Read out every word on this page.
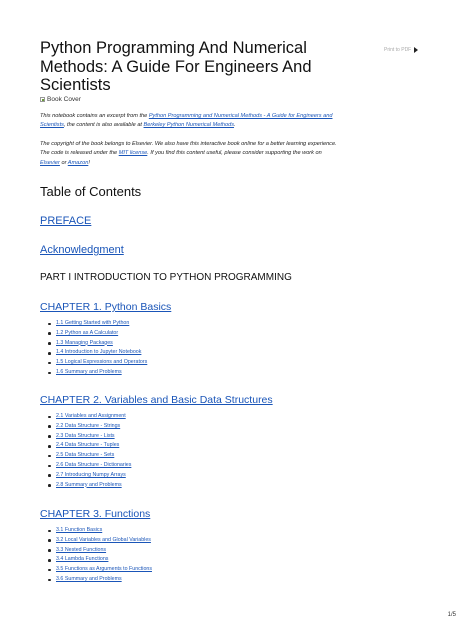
Print to PDF
Python Programming And Numerical Methods: A Guide For Engineers And Scientists
Book Cover

This notebook contains an excerpt from the Python Programming and Numerical Methods - A Guide for Engineers and Scientists, the content is also available at Berkeley Python Numerical Methods.

The copyright of the book belongs to Elsevier. We also have this interactive book online for a better learning experience. The code is released under the MIT license. If you find this content useful, please consider supporting the work on Elsevier or Amazon!

Table of Contents
PREFACE
Acknowledgment
PART I INTRODUCTION TO PYTHON PROGRAMMING
CHAPTER 1. Python Basics
1.1 Getting Started with Python
1.2 Python as A Calculator
1.3 Managing Packages
1.4 Introduction to Jupyter Notebook
1.5 Logical Expressions and Operators
1.6 Summary and Problems
CHAPTER 2. Variables and Basic Data Structures
2.1 Variables and Assignment
2.2 Data Structure - Strings
2.3 Data Structure - Lists
2.4 Data Structure - Tuples
2.5 Data Structure - Sets
2.6 Data Structure - Dictionaries
2.7 Introducing Numpy Arrays
2.8 Summary and Problems
CHAPTER 3. Functions
3.1 Function Basics
3.2 Local Variables and Global Variables
3.3 Nested Functions
3.4 Lambda Functions
3.5 Functions as Arguments to Functions
3.6 Summary and Problems
1/5
